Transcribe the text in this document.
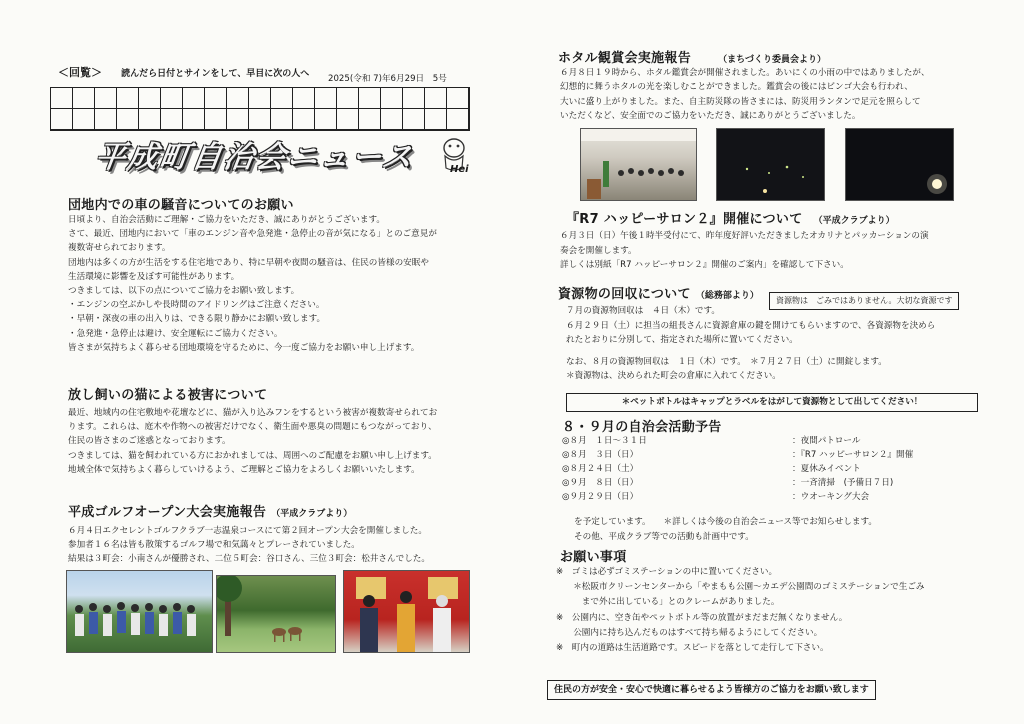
＜回覧＞ 読んだら日付とサインをして、早目に次の人へ 2025(令和 7)年6月29日　5号
平成町自治会ニュース	Hei
団地内での車の騒音についてのお願い

日頃より、自治会活動にご理解・ご協力をいただき、誠にありがとうございます。

さて、最近、団地内において「車のエンジン音や急発進・急停止の音が気になる」とのご意見が

複数寄せられております。

団地内は多くの方が生活をする住宅地であり、特に早朝や夜間の騒音は、住民の皆様の安眠や

生活環境に影響を及ぼす可能性があります。

つきましては、以下の点についてご協力をお願い致します。

・エンジンの空ぶかしや長時間のアイドリングはご注意ください。

・早朝・深夜の車の出入りは、できる限り静かにお願い致します。

・急発進・急停止は避け、安全運転にご協力ください。

皆さまが気持ちよく暮らせる団地環境を守るために、今一度ご協力をお願い申し上げます。

放し飼いの猫による被害について

最近、地域内の住宅敷地や花壇などに、猫が入り込みフンをするという被害が複数寄せられてお

ります。これらは、庭木や作物への被害だけでなく、衛生面や悪臭の問題にもつながっており、

住民の皆さまのご迷惑となっております。

つきましては、猫を飼われている方におかれましては、周囲へのご配慮をお願い申し上げます。

地域全体で気持ちよく暮らしていけるよう、ご理解とご協力をよろしくお願いいたします。

平成ゴルフオープン大会実施報告 （平成クラブより）

６月４日エクセレントゴルフクラブ一志温泉コースにて第２回オープン大会を開催しました。

参加者１６名は皆も散策するゴルフ場で和気藹々とプレーされていました。

結果は３町会：小南さんが優勝され、二位５町会：谷口さん、三位３町会：松井さんでした。

ホタル観賞会実施報告	（まちづくり委員会より）

６月８日１９時から、ホタル鑑賞会が開催されました。あいにくの小雨の中ではありましたが、

幻想的に舞うホタルの光を楽しむことができました。鑑賞会の後にはビンゴ大会も行われ、

大いに盛り上がりました。また、自主防災隊の皆さまには、防災用ランタンで足元を照らして

いただくなど、安全面でのご協力をいただき、誠にありがとうございました。

『R7 ハッピーサロン２』開催について （平成クラブより）

６月３日（日）午後１時半受付にて、昨年度好評いただきましたオカリナとパッカーションの演

奏会を開催します。

詳しくは別紙「R7 ハッピーサロン２』開催のご案内」を確認して下さい。

資源物の回収について （総務部より）	資源物は　ごみではありません。大切な資源です

７月の資源物回収は　４日（木）です。

６月２９日（土）に担当の組長さんに資源倉庫の鍵を開けてもらいますので、各資源物を決めら

れたとおりに分別して、指定された場所に置いてください。

なお、８月の資源物回収は　１日（木）です。　＊７月２７日（土）に開錠します。

＊資源物は、決められた町会の倉庫に入れてください。

＊ペットボトルはキャップとラベルをはがして資源物として出してください！
８・９月の自治会活動予告
◎８月　１日～３１日	：夜間パトロール
◎８月　３日（日）	：『R7 ハッピーサロン２』開催
◎８月２４日（土）	：夏休みイベント
◎９月　８日（日）	：一斉清掃　(予備日７日)
◎９月２９日（日）	：ウオーキング大会
を予定しています。　　＊詳しくは今後の自治会ニュース等でお知らせします。
その他、平成クラブ等での活動も計画中です。
お願い事項

※　ゴミは必ずゴミステーションの中に置いてください。

　　＊松阪市クリーンセンターから「やまもも公園～カエデ公園間のゴミステーションで生ごみ

　　　まで外に出している」とのクレームがありました。

※　公園内に、空き缶やペットボトル等の放置がまだまだ無くなりません。

　　公園内に持ち込んだものはすべて持ち帰るようにしてください。

※　町内の道路は生活道路です。スピードを落として走行して下さい。

住民の方が安全・安心で快適に暮らせるよう皆様方のご協力をお願い致します
